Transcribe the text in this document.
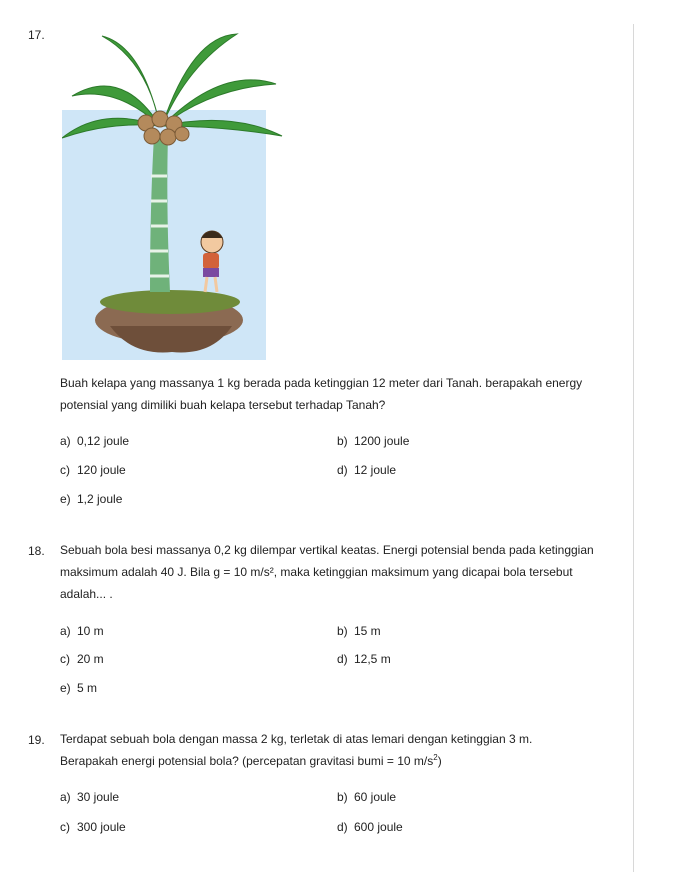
17.
Buah kelapa yang massanya 1 kg berada pada ketinggian 12 meter dari Tanah. berapakah energy potensial yang dimiliki buah kelapa tersebut terhadap Tanah?
a) 0,12 joule	b) 1200 joule
c) 120 joule	d) 12 joule
e) 1,2 joule
18. Sebuah bola besi massanya 0,2 kg dilempar vertikal keatas. Energi potensial benda pada ketinggian maksimum adalah 40 J. Bila g = 10 m/s², maka ketinggian maksimum yang dicapai bola tersebut adalah... .
a) 10 m	b) 15 m
c) 20 m	d) 12,5 m
e) 5 m
19. Terdapat sebuah bola dengan massa 2 kg, terletak di atas lemari dengan ketinggian 3 m. Berapakah energi potensial bola? (percepatan gravitasi bumi = 10 $m/s^2$)
a) 30 joule	b) 60 joule
c) 300 joule	d) 600 joule
